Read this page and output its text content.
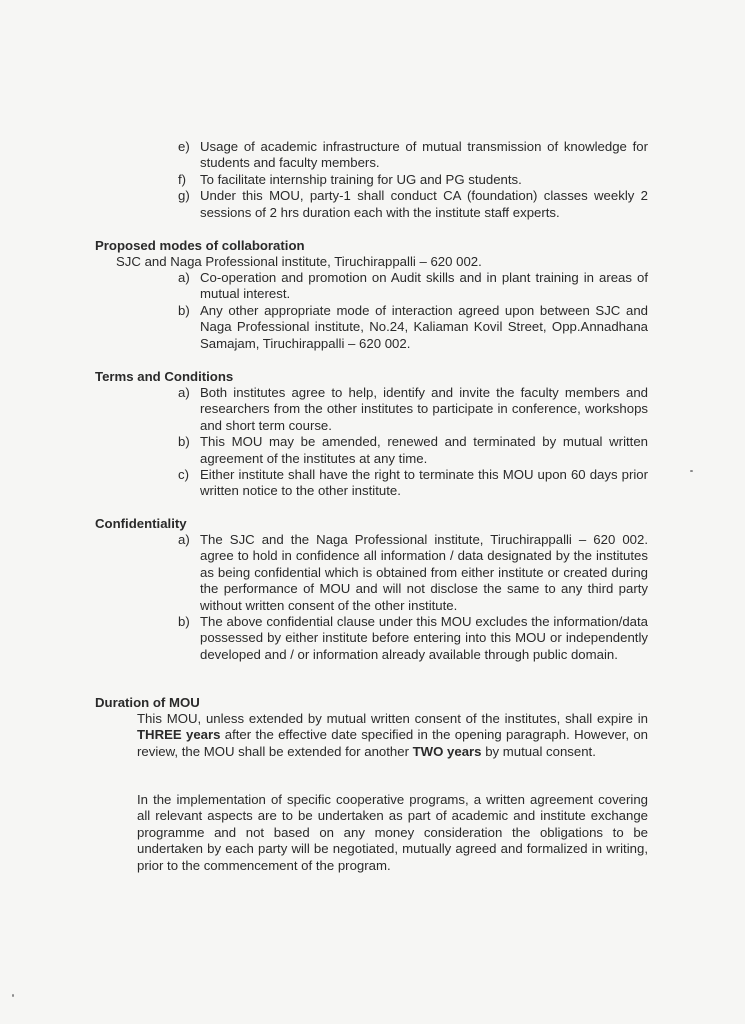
e) Usage of academic infrastructure of mutual transmission of knowledge for students and faculty members.
f)	To facilitate internship training for UG and PG students.
g) Under this MOU, party-1 shall conduct CA (foundation) classes weekly 2 sessions of 2 hrs duration each with the institute staff experts.
Proposed modes of collaboration
SJC and Naga Professional institute, Tiruchirappalli – 620 002.
a) Co-operation and promotion on Audit skills and in plant training in areas of mutual interest.
b) Any other appropriate mode of interaction agreed upon between SJC and Naga Professional institute, No.24, Kaliaman Kovil Street, Opp.Annadhana Samajam, Tiruchirappalli – 620 002.
Terms and Conditions
a) Both institutes agree to help, identify and invite the faculty members and researchers from the other institutes to participate in conference, workshops and short term course.
b) This MOU may be amended, renewed and terminated by mutual written agreement of the institutes at any time.
c) Either institute shall have the right to terminate this MOU upon 60 days prior written notice to the other institute.
Confidentiality
a) The SJC and the Naga Professional institute, Tiruchirappalli – 620 002. agree to hold in confidence all information / data designated by the institutes as being confidential which is obtained from either institute or created during the performance of MOU and will not disclose the same to any third party without written consent of the other institute.
b) The above confidential clause under this MOU excludes the information/data possessed by either institute before entering into this MOU or independently developed and / or information already available through public domain.
Duration of MOU
This MOU, unless extended by mutual written consent of the institutes, shall expire in THREE years after the effective date specified in the opening paragraph. However, on review, the MOU shall be extended for another TWO years by mutual consent.
In the implementation of specific cooperative programs, a written agreement covering all relevant aspects are to be undertaken as part of academic and institute exchange programme and not based on any money consideration the obligations to be undertaken by each party will be negotiated, mutually agreed and formalized in writing, prior to the commencement of the program.
